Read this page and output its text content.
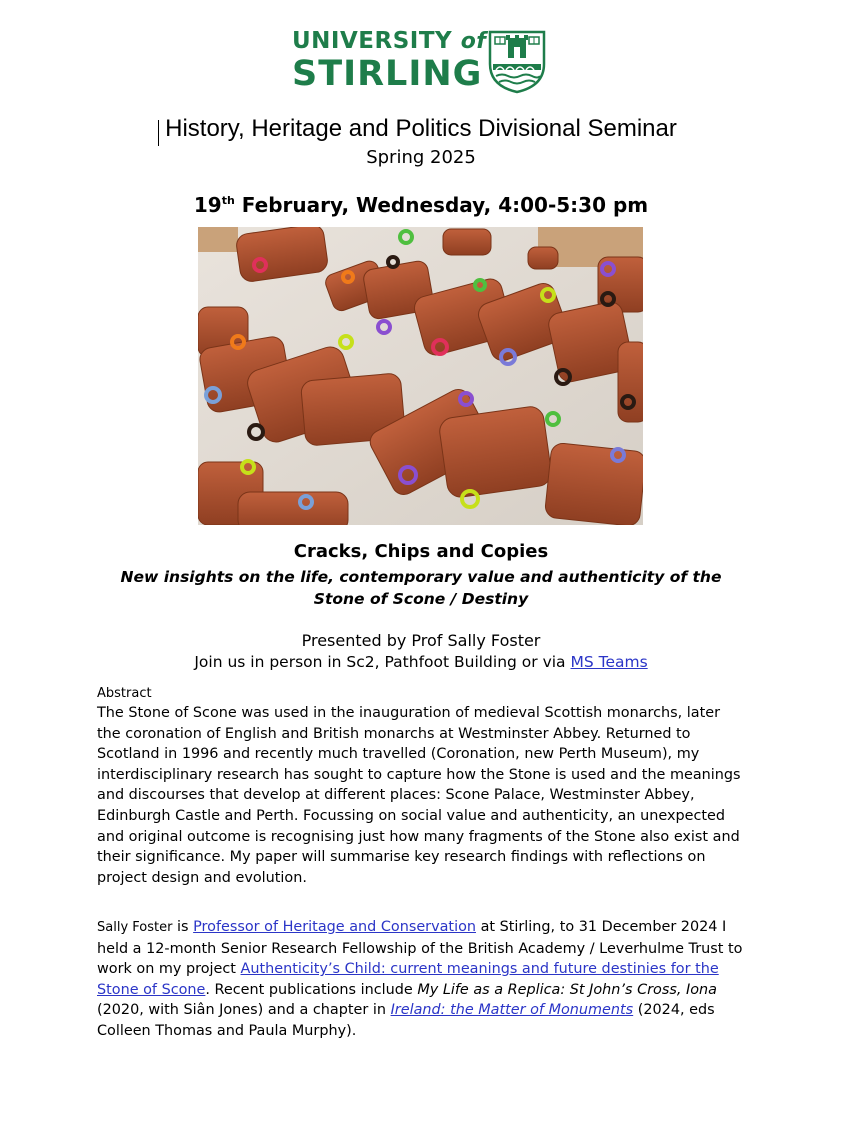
UNIVERSITY of
STIRLING
History, Heritage and Politics Divisional Seminar
Spring 2025
19th February, Wednesday, 4:00-5:30 pm
Cracks, Chips and Copies
New insights on the life, contemporary value and authenticity of the Stone of Scone / Destiny
Presented by Prof Sally Foster
Join us in person in Sc2, Pathfoot Building or via MS Teams
Abstract
The Stone of Scone was used in the inauguration of medieval Scottish monarchs, later the coronation of English and British monarchs at Westminster Abbey. Returned to Scotland in 1996 and recently much travelled (Coronation, new Perth Museum), my interdisciplinary research has sought to capture how the Stone is used and the meanings and discourses that develop at different places: Scone Palace, Westminster Abbey, Edinburgh Castle and Perth. Focussing on social value and authenticity, an unexpected and original outcome is recognising just how many fragments of the Stone also exist and their significance. My paper will summarise key research findings with reflections on project design and evolution.
Sally Foster is Professor of Heritage and Conservation at Stirling, to 31 December 2024 I held a 12-month Senior Research Fellowship of the British Academy / Leverhulme Trust to work on my project Authenticity’s Child: current meanings and future destinies for the Stone of Scone. Recent publications include My Life as a Replica: St John’s Cross, Iona (2020, with Siân Jones) and a chapter in Ireland: the Matter of Monuments (2024, eds Colleen Thomas and Paula Murphy).
